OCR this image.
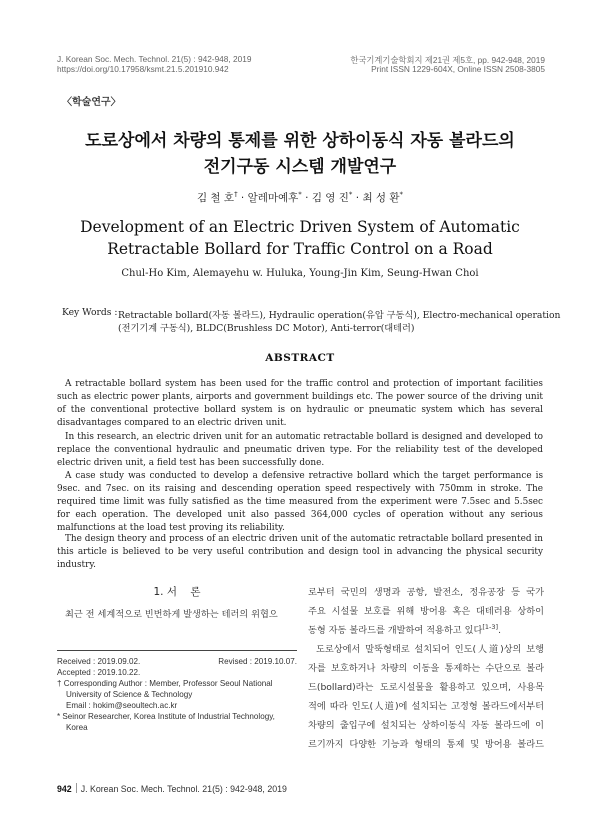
J. Korean Soc. Mech. Technol. 21(5) : 942-948, 2019
https://doi.org/10.17958/ksmt.21.5.201910.942
한국기계기술학회지 제21권 제5호, pp. 942-948, 2019
Print ISSN 1229-604X, Online ISSN 2508-3805
〈학술연구〉
도로상에서 차량의 통제를 위한 상하이동식 자동 볼라드의
전기구동 시스템 개발연구
김 철 호† · 알레마예후* · 김 영 진* · 최 성 환*
Development of an Electric Driven System of Automatic
Retractable Bollard for Traffic Control on a Road
Chul-Ho Kim, Alemayehu w. Huluka, Young-Jin Kim, Seung-Hwan Choi
Key Words : Retractable bollard(자동 볼라드), Hydraulic operation(유압 구동식), Electro-mechanical operation
(전기기계 구동식), BLDC(Brushless DC Motor), Anti-terror(대테러)
ABSTRACT

A retractable bollard system has been used for the traffic control and protection of important facilities such as electric power plants, airports and government buildings etc. The power source of the driving unit of the conventional protective bollard system is on hydraulic or pneumatic system which has several disadvantages compared to an electric driven unit.

In this research, an electric driven unit for an automatic retractable bollard is designed and developed to replace the conventional hydraulic and pneumatic driven type. For the reliability test of the developed electric driven unit, a field test has been successfully done.

A case study was conducted to develop a defensive retractive bollard which the target performance is 9sec. and 7sec. on its raising and descending operation speed respectively with 750mm in stroke. The required time limit was fully satisfied as the time measured from the experiment were 7.5sec and 5.5sec for each operation. The developed unit also passed 364,000 cycles of operation without any serious malfunctions at the load test proving its reliability.

The design theory and process of an electric driven unit of the automatic retractable bollard presented in this article is believed to be very useful contribution and design tool in advancing the physical security industry.

1. 서    론
최근 전 세계적으로 빈번하게 발생하는 테러의 위협으
Received : 2019.09.02.	Revised : 2019.10.07.
Accepted : 2019.10.22.
† Corresponding Author : Member, Professor Seoul National
University of Science & Technology
Email : hokim@seoultech.ac.kr
* Seinor Researcher, Korea Institute of Industrial Technology,
Korea
로부터 국민의 생명과 공항, 발전소, 정유공장 등 국가
주요 시설물 보호를 위해 방어용 혹은 대테러용 상하이
동형 자동 볼라드를 개발하여 적용하고 있다[1-3].
도로상에서 말뚝형태로 설치되어 인도(人道)상의 보행
자를 보호하거나 차량의 이동을 통제하는 수단으로 볼라
드(bollard)라는 도로시설물을 활용하고 있으며, 사용목
적에 따라 인도(人道)에 설치되는 고정형 볼라드에서부터
차량의 출입구에 설치되는 상하이동식 자동 볼라드에 이
르기까지 다양한 기능과 형태의 통제 및 방어용 볼라드
942 J. Korean Soc. Mech. Technol. 21(5) : 942-948, 2019
